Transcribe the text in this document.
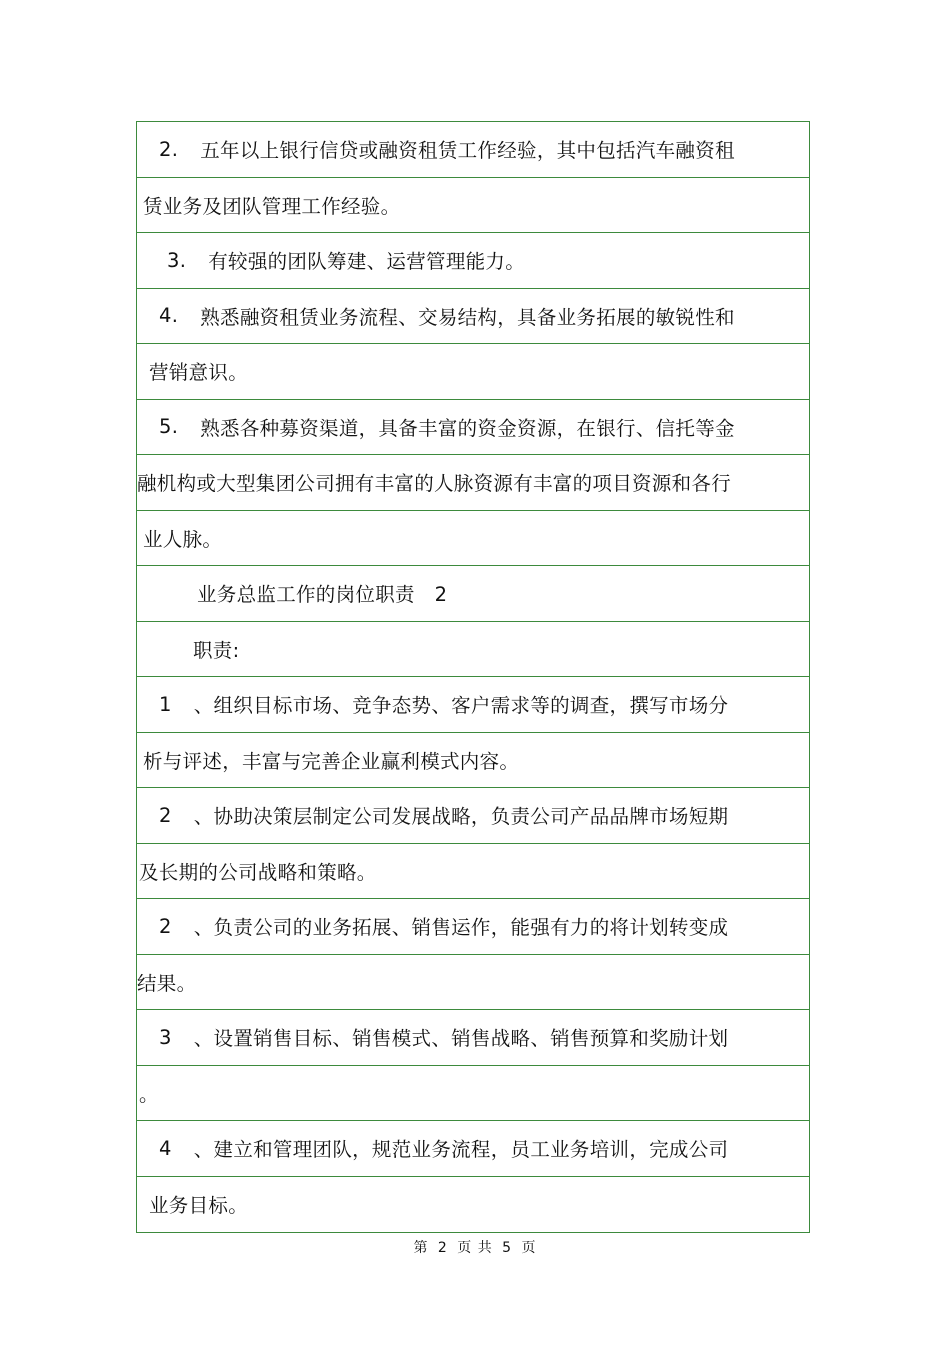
2. 五年以上银行信贷或融资租赁工作经验，其中包括汽车融资租
赁业务及团队管理工作经验。
3. 有较强的团队筹建、运营管理能力。
4. 熟悉融资租赁业务流程、交易结构，具备业务拓展的敏锐性和
营销意识。
5. 熟悉各种募资渠道，具备丰富的资金资源，在银行、信托等金
融机构或大型集团公司拥有丰富的人脉资源有丰富的项目资源和各行
业人脉。
业务总监工作的岗位职责　2
职责:
1 、组织目标市场、竞争态势、客户需求等的调查，撰写市场分
析与评述，丰富与完善企业赢利模式内容。
2 、协助决策层制定公司发展战略，负责公司产品品牌市场短期
及长期的公司战略和策略。
2 、负责公司的业务拓展、销售运作，能强有力的将计划转变成
结果。
3 、设置销售目标、销售模式、销售战略、销售预算和奖励计划
。
4 、建立和管理团队，规范业务流程，员工业务培训，完成公司
业务目标。
第 2 页 共 5 页
